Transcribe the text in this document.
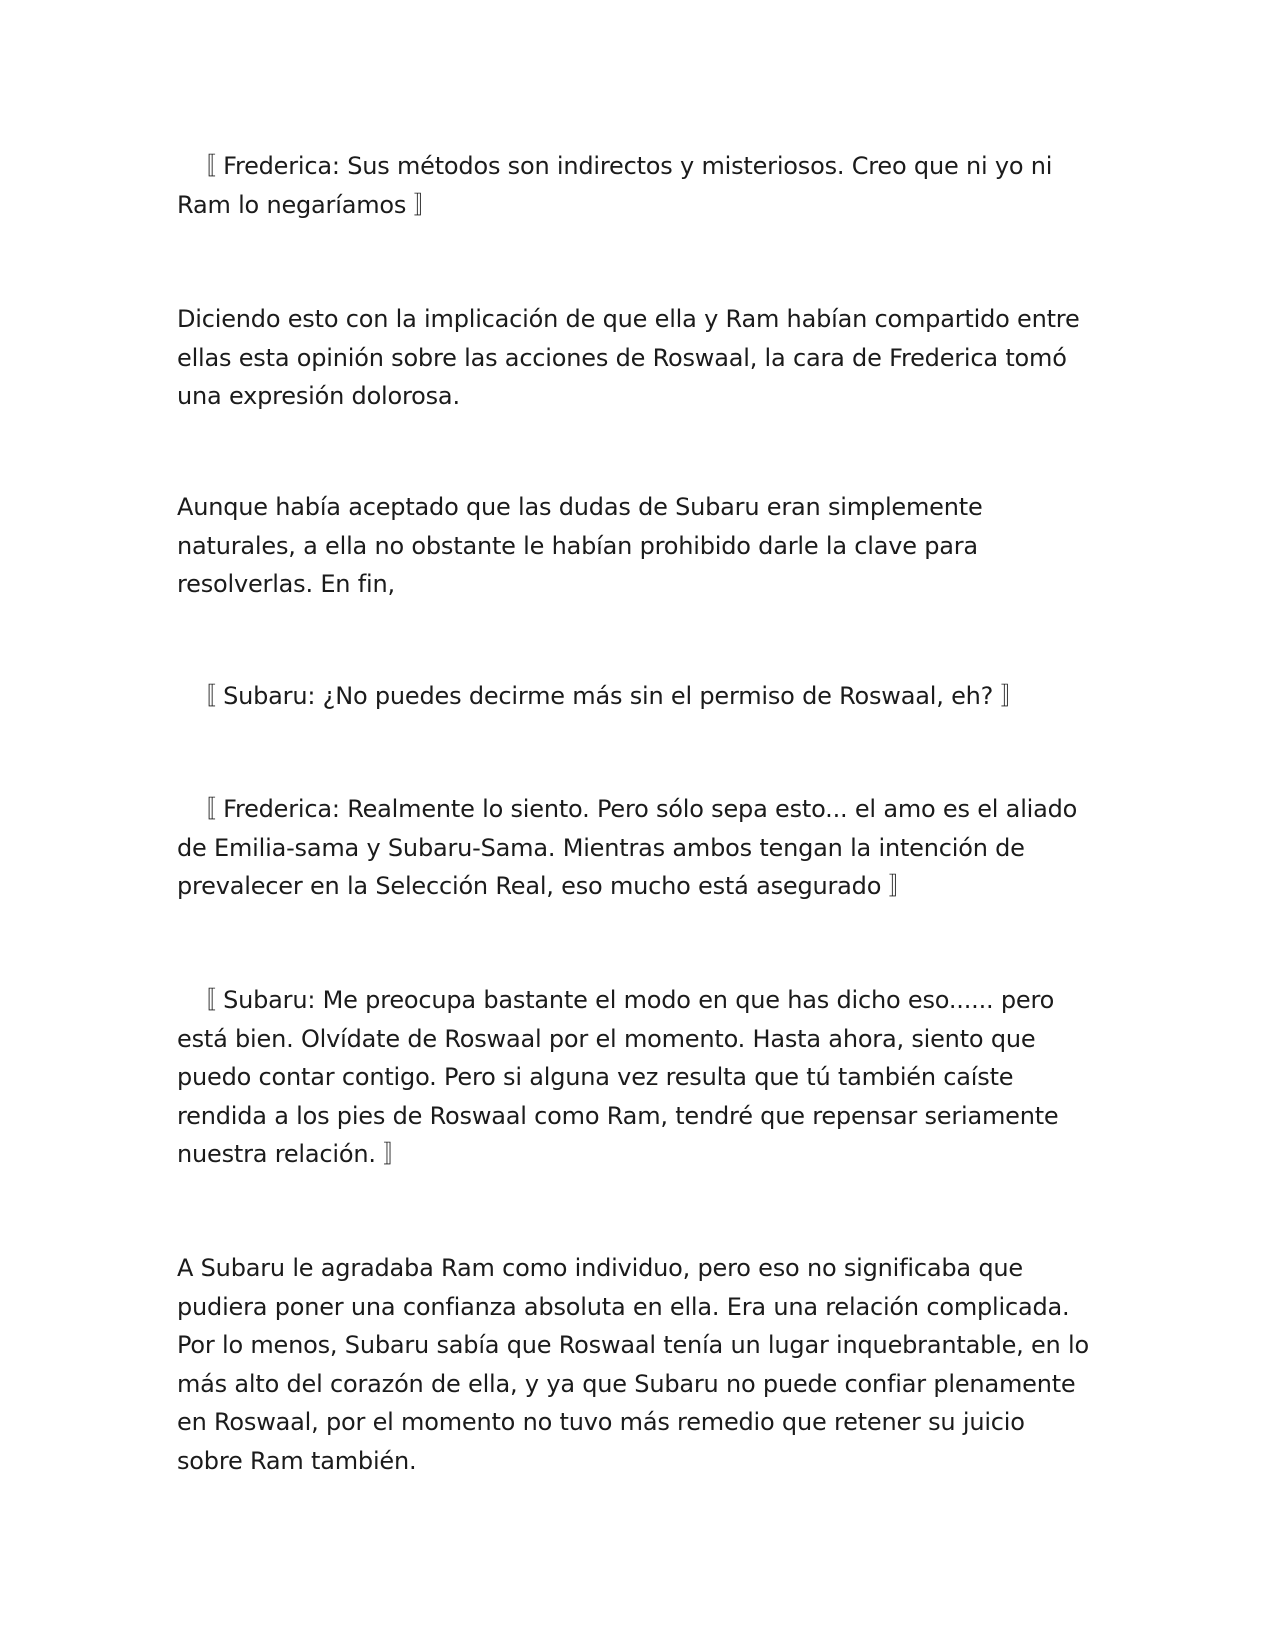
〚 Frederica: Sus métodos son indirectos y misteriosos. Creo que ni yo ni
Ram lo negaríamos 〛

Diciendo esto con la implicación de que ella y Ram habían compartido entre
ellas esta opinión sobre las acciones de Roswaal, la cara de Frederica tomó
una expresión dolorosa.

Aunque había aceptado que las dudas de Subaru eran simplemente
naturales, a ella no obstante le habían prohibido darle la clave para
resolverlas. En fin,

〚 Subaru: ¿No puedes decirme más sin el permiso de Roswaal, eh? 〛

〚 Frederica: Realmente lo siento. Pero sólo sepa esto... el amo es el aliado
de Emilia-sama y Subaru-Sama. Mientras ambos tengan la intención de
prevalecer en la Selección Real, eso mucho está asegurado 〛

〚 Subaru: Me preocupa bastante el modo en que has dicho eso...... pero
está bien. Olvídate de Roswaal por el momento. Hasta ahora, siento que
puedo contar contigo. Pero si alguna vez resulta que tú también caíste
rendida a los pies de Roswaal como Ram, tendré que repensar seriamente
nuestra relación. 〛

A Subaru le agradaba Ram como individuo, pero eso no significaba que
pudiera poner una confianza absoluta en ella. Era una relación complicada.
Por lo menos, Subaru sabía que Roswaal tenía un lugar inquebrantable, en lo
más alto del corazón de ella, y ya que Subaru no puede confiar plenamente
en Roswaal, por el momento no tuvo más remedio que retener su juicio
sobre Ram también.
